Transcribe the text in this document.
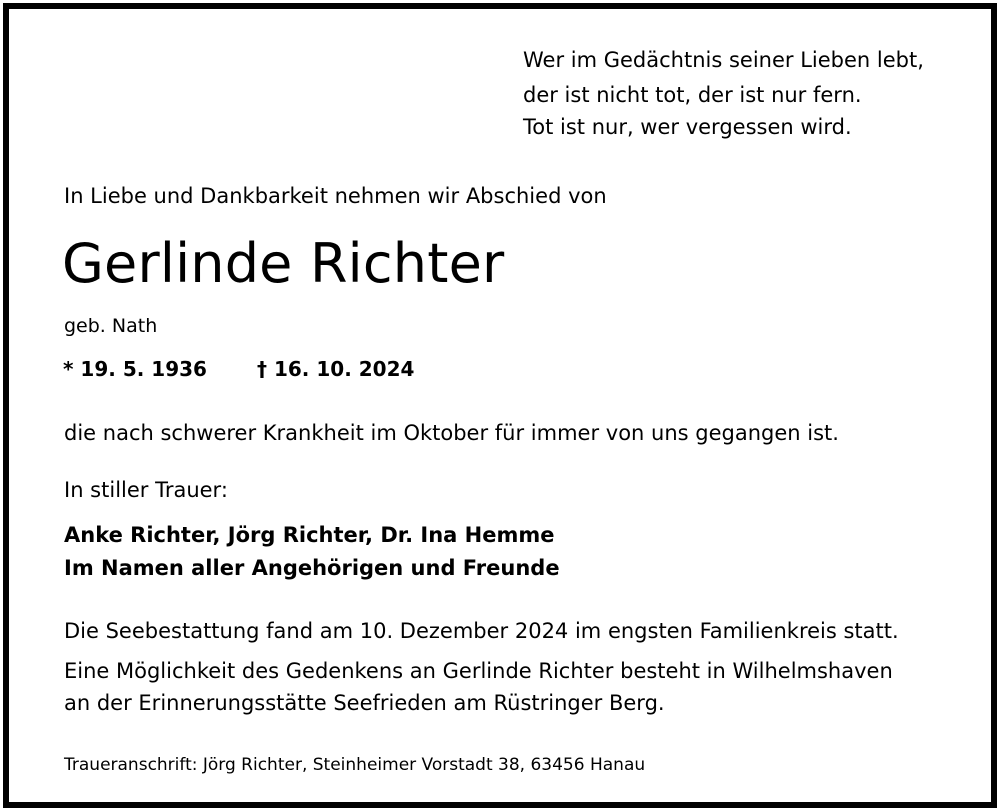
Wer im Gedächtnis seiner Lieben lebt,
der ist nicht tot, der ist nur fern.
Tot ist nur, wer vergessen wird.
In Liebe und Dankbarkeit nehmen wir Abschied von
Gerlinde Richter
geb. Nath
* 19. 5. 1936	† 16. 10. 2024
die nach schwerer Krankheit im Oktober für immer von uns gegangen ist.
In stiller Trauer:
Anke Richter, Jörg Richter, Dr. Ina Hemme
Im Namen aller Angehörigen und Freunde
Die Seebestattung fand am 10. Dezember 2024 im engsten Familienkreis statt.
Eine Möglichkeit des Gedenkens an Gerlinde Richter besteht in Wilhelmshaven
an der Erinnerungsstätte Seefrieden am Rüstringer Berg.
Traueranschrift: Jörg Richter, Steinheimer Vorstadt 38, 63456 Hanau
